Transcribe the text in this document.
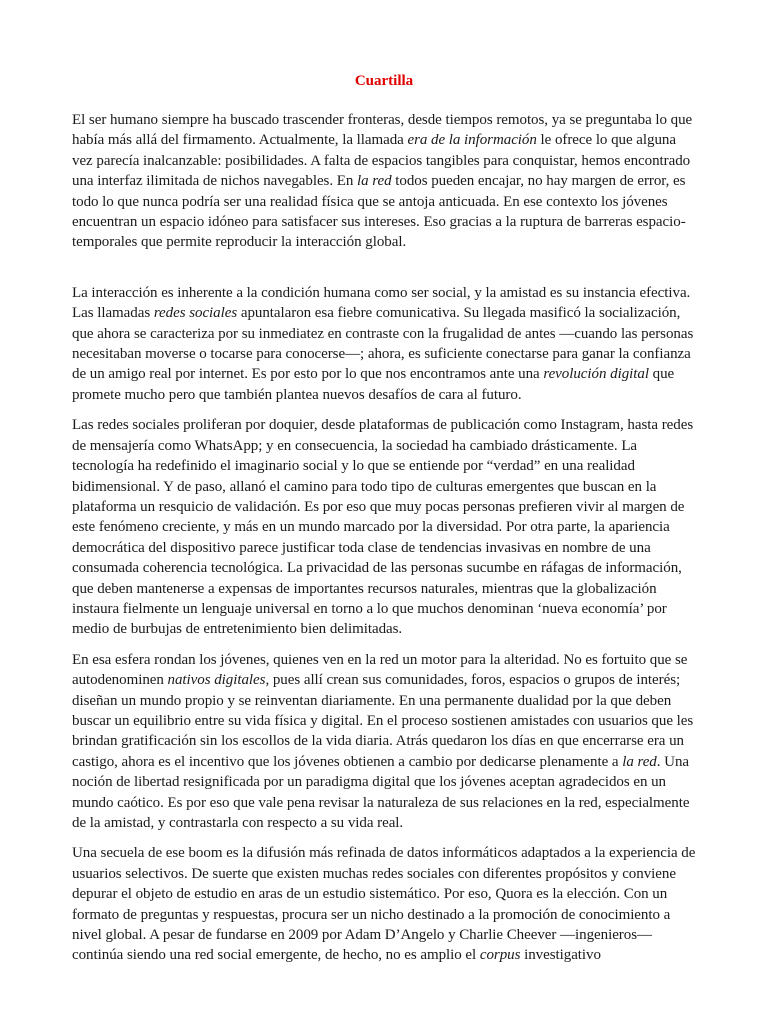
Cuartilla

El ser humano siempre ha buscado trascender fronteras, desde tiempos remotos, ya se preguntaba lo que había más allá del firmamento. Actualmente, la llamada era de la información le ofrece lo que alguna vez parecía inalcanzable: posibilidades. A falta de espacios tangibles para conquistar, hemos encontrado una interfaz ilimitada de nichos navegables. En la red todos pueden encajar, no hay margen de error, es todo lo que nunca podría ser una realidad física que se antoja anticuada. En ese contexto los jóvenes encuentran un espacio idóneo para satisfacer sus intereses. Eso gracias a la ruptura de barreras espacio-temporales que permite reproducir la interacción global.

La interacción es inherente a la condición humana como ser social, y la amistad es su instancia efectiva. Las llamadas redes sociales apuntalaron esa fiebre comunicativa. Su llegada masificó la socialización, que ahora se caracteriza por su inmediatez en contraste con la frugalidad de antes —cuando las personas necesitaban moverse o tocarse para conocerse—; ahora, es suficiente conectarse para ganar la confianza de un amigo real por internet. Es por esto por lo que nos encontramos ante una revolución digital que promete mucho pero que también plantea nuevos desafíos de cara al futuro.

Las redes sociales proliferan por doquier, desde plataformas de publicación como Instagram, hasta redes de mensajería como WhatsApp; y en consecuencia, la sociedad ha cambiado drásticamente. La tecnología ha redefinido el imaginario social y lo que se entiende por “verdad” en una realidad bidimensional. Y de paso, allanó el camino para todo tipo de culturas emergentes que buscan en la plataforma un resquicio de validación. Es por eso que muy pocas personas prefieren vivir al margen de este fenómeno creciente, y más en un mundo marcado por la diversidad. Por otra parte, la apariencia democrática del dispositivo parece justificar toda clase de tendencias invasivas en nombre de una consumada coherencia tecnológica. La privacidad de las personas sucumbe en ráfagas de información, que deben mantenerse a expensas de importantes recursos naturales, mientras que la globalización instaura fielmente un lenguaje universal en torno a lo que muchos denominan ‘nueva economía’ por medio de burbujas de entretenimiento bien delimitadas.

En esa esfera rondan los jóvenes, quienes ven en la red un motor para la alteridad. No es fortuito que se autodenominen nativos digitales, pues allí crean sus comunidades, foros, espacios o grupos de interés; diseñan un mundo propio y se reinventan diariamente. En una permanente dualidad por la que deben buscar un equilibrio entre su vida física y digital. En el proceso sostienen amistades con usuarios que les brindan gratificación sin los escollos de la vida diaria. Atrás quedaron los días en que encerrarse era un castigo, ahora es el incentivo que los jóvenes obtienen a cambio por dedicarse plenamente a la red. Una noción de libertad resignificada por un paradigma digital que los jóvenes aceptan agradecidos en un mundo caótico. Es por eso que vale pena revisar la naturaleza de sus relaciones en la red, especialmente de la amistad, y contrastarla con respecto a su vida real.

Una secuela de ese boom es la difusión más refinada de datos informáticos adaptados a la experiencia de usuarios selectivos. De suerte que existen muchas redes sociales con diferentes propósitos y conviene depurar el objeto de estudio en aras de un estudio sistemático. Por eso, Quora es la elección. Con un formato de preguntas y respuestas, procura ser un nicho destinado a la promoción de conocimiento a nivel global. A pesar de fundarse en 2009 por Adam D’Angelo y Charlie Cheever —ingenieros— continúa siendo una red social emergente, de hecho, no es amplio el corpus investigativo
